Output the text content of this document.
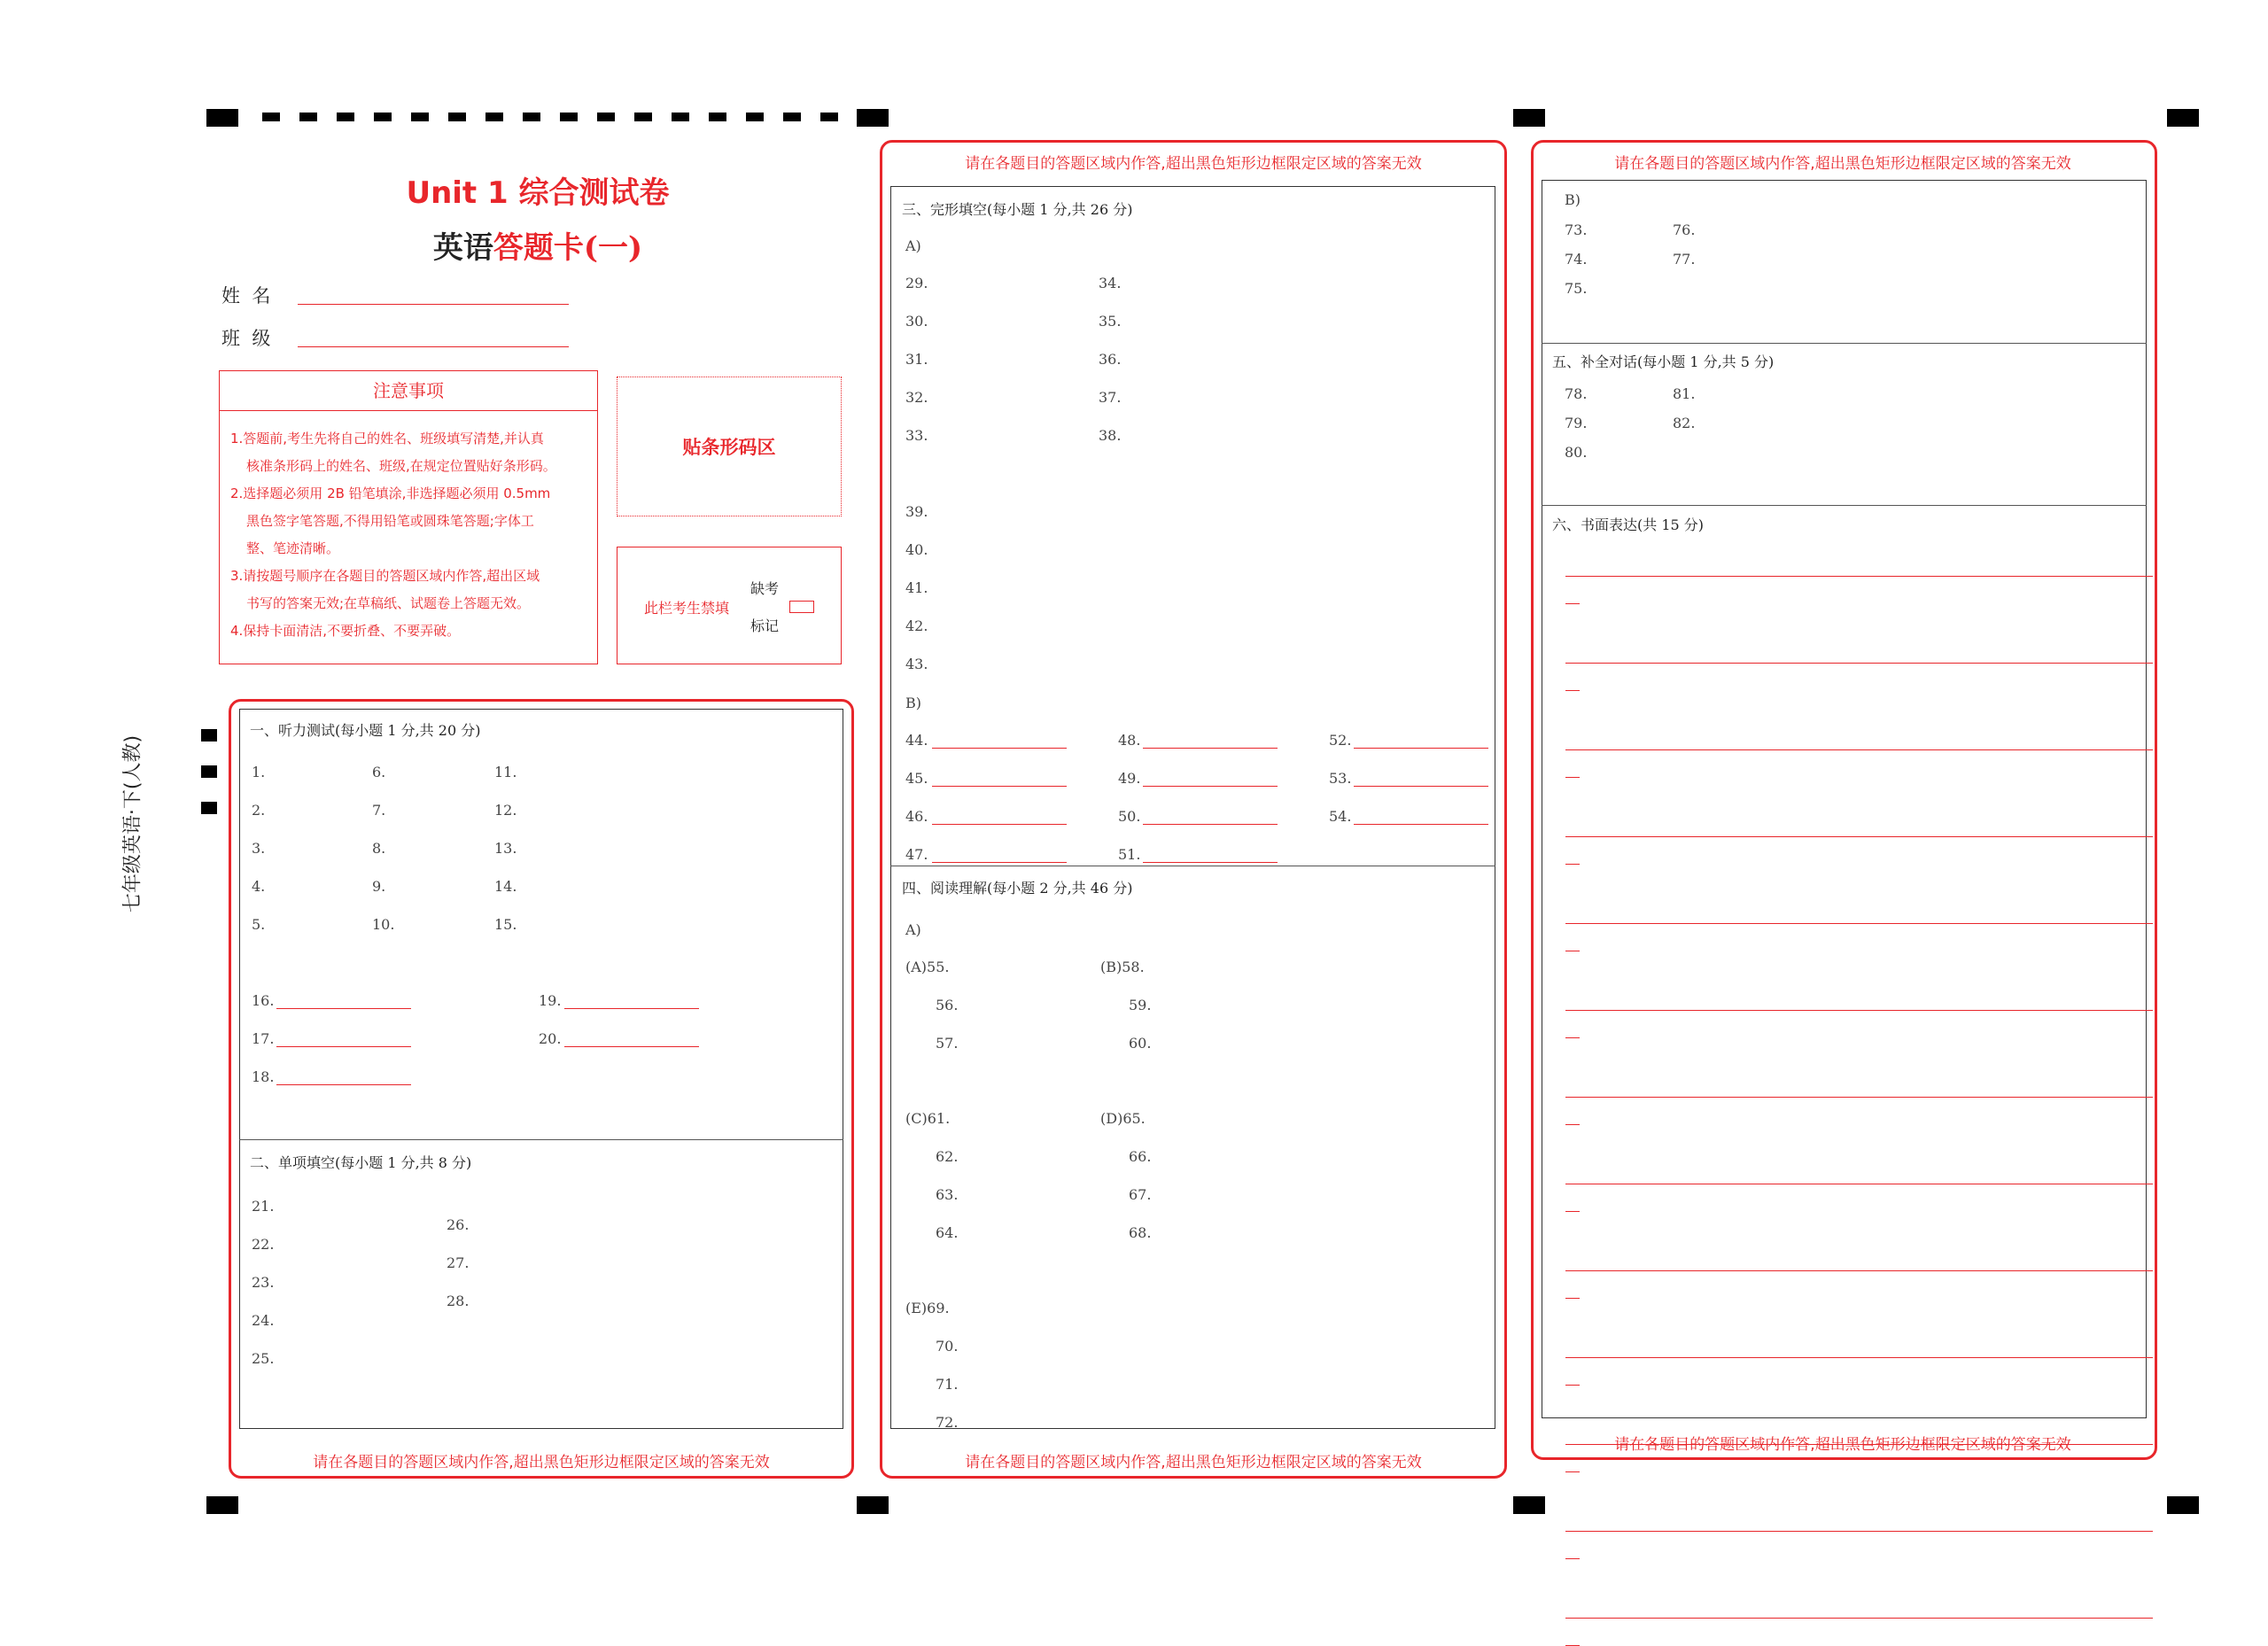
七年级英语·下(人教)
Unit 1 综合测试卷
英语答题卡(一)
姓  名
班  级
注意事项
1.答题前,考生先将自己的姓名、班级填写清楚,并认真
核准条形码上的姓名、班级,在规定位置贴好条形码。
2.选择题必须用 2B 铅笔填涂,非选择题必须用 0.5mm
黑色签字笔答题,不得用铅笔或圆珠笔答题;字体工
整、笔迹清晰。
3.请按题号顺序在各题目的答题区域内作答,超出区域
书写的答案无效;在草稿纸、试题卷上答题无效。
4.保持卡面清洁,不要折叠、不要弄破。
贴条形码区
此栏考生禁填
缺考
标记
请在各题目的答题区域内作答,超出黑色矩形边框限定区域的答案无效
一、听力测试(每小题 1 分,共 20 分)
1.
2.
3.
4.
5.
6.
7.
8.
9.
10.
11.
12.
13.
14.
15.
16.
17.
18.
19.
20.
二、单项填空(每小题 1 分,共 8 分)
21.
22.
23.
24.
25.
26.
27.
28.
请在各题目的答题区域内作答,超出黑色矩形边框限定区域的答案无效
请在各题目的答题区域内作答,超出黑色矩形边框限定区域的答案无效
三、完形填空(每小题 1 分,共 26 分)
A)
29.
30.
31.
32.
33.
34.
35.
36.
37.
38.
39.
40.
41.
42.
43.
B)
44.
45.
46.
47.
48.
49.
50.
51.
52.
53.
54.
四、阅读理解(每小题 2 分,共 46 分)
A)
(A)55.	(B)58.
56.
57.
59.
60.
(C)61.	(D)65.
62.
63.
64.
66.
67.
68.
(E)69.
70.
71.
72.
请在各题目的答题区域内作答,超出黑色矩形边框限定区域的答案无效
B)
73.
74.
75.
76.
77.
78.
79.
80.
81.
82.
五、补全对话(每小题 1 分,共 5 分)
六、书面表达(共 15 分)
请在各题目的答题区域内作答,超出黑色矩形边框限定区域的答案无效
